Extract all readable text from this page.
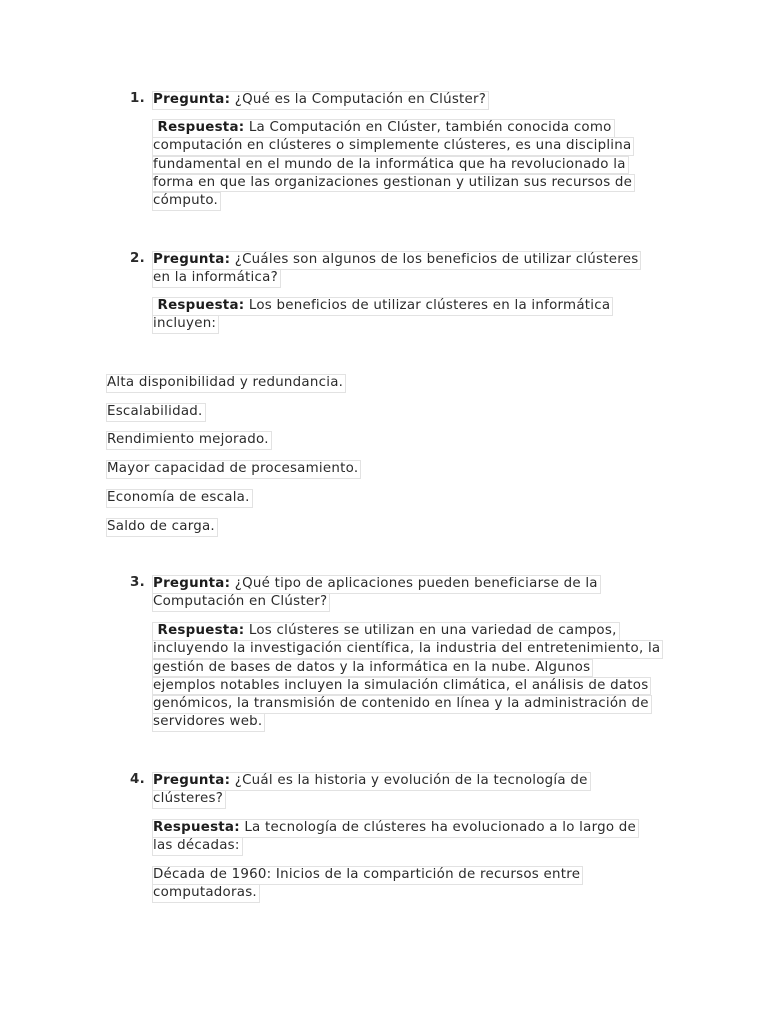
1. Pregunta: ¿Qué es la Computación en Clúster?
Respuesta: La Computación en Clúster, también conocida como
computación en clústeres o simplemente clústeres, es una disciplina
fundamental en el mundo de la informática que ha revolucionado la
forma en que las organizaciones gestionan y utilizan sus recursos de
cómputo.
2. Pregunta: ¿Cuáles son algunos de los beneficios de utilizar clústeres
en la informática?
Respuesta: Los beneficios de utilizar clústeres en la informática
incluyen:
Alta disponibilidad y redundancia.
Escalabilidad.
Rendimiento mejorado.
Mayor capacidad de procesamiento.
Economía de escala.
Saldo de carga.
3. Pregunta: ¿Qué tipo de aplicaciones pueden beneficiarse de la
Computación en Clúster?
Respuesta: Los clústeres se utilizan en una variedad de campos,
incluyendo la investigación científica, la industria del entretenimiento, la
gestión de bases de datos y la informática en la nube. Algunos
ejemplos notables incluyen la simulación climática, el análisis de datos
genómicos, la transmisión de contenido en línea y la administración de
servidores web.
4. Pregunta: ¿Cuál es la historia y evolución de la tecnología de
clústeres?
Respuesta: La tecnología de clústeres ha evolucionado a lo largo de
las décadas:
Década de 1960: Inicios de la compartición de recursos entre
computadoras.
